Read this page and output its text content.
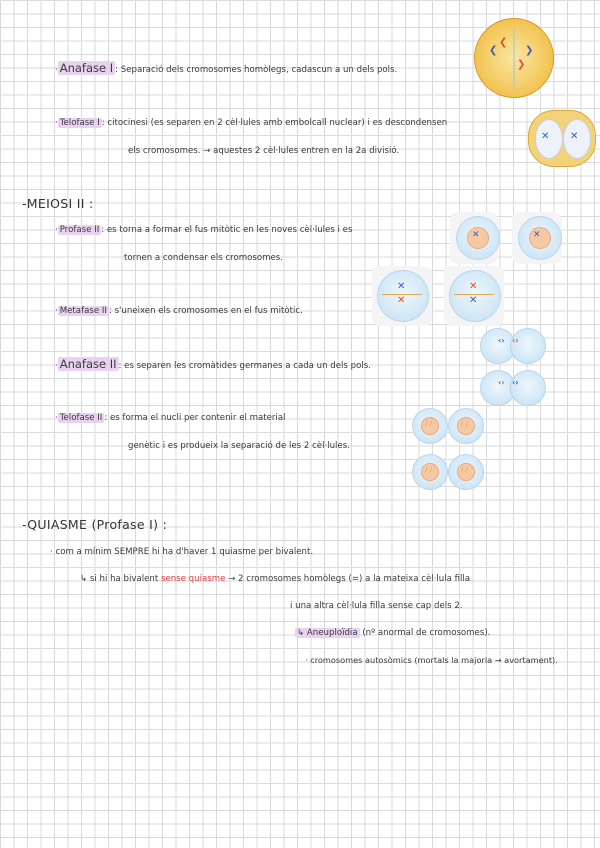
· Anafase I : Separació dels cromosomes homòlegs, cadascun a un dels pols.
❮
❮
❯
❯
· Telofase I : citocinesi (es separen en 2 cèl·lules amb embolcall nuclear) i es descondensen
els cromosomes. → aquestes 2 cèl·lules entren en la 2a divisió.
✕ ✕
-MEIOSI II :
· Profase II : es torna a formar el fus mitòtic en les noves cèl·lules i es
tornen a condensar els cromosomes.
✕	✕
✕
✕
✕
✕
· Metafase II : s'uneixen els cromosomes en el fus mitòtic.
‹› ‹›
‹› ‹›
· Anafase II : es separen les cromàtides germanes a cada un dels pols.
· Telofase II : es forma el nucli per contenir el material
genètic i es produeix la separació de les 2 cèl·lules.
/ /	/ /
/ /	/ /
-QUIASME (Profase I) :
· com a mínim SEMPRE hi ha d'haver 1 quiasme per bivalent.
↳ si hi ha bivalent sense quiasme → 2 cromosomes homòlegs (=) a la mateixa cèl·lula filla
i una altra cèl·lula filla sense cap dels 2.
↳ Aneuploïdia (nº anormal de cromosomes).
· cromosomes autosòmics (mortals la majoria → avortament).
